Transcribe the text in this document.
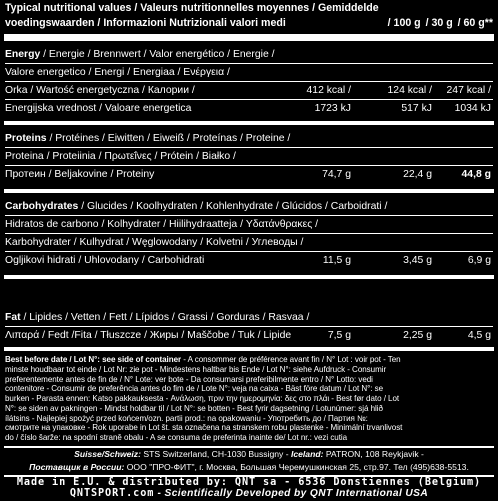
Typical nutritional values / Valeurs nutritionnelles moyennes / Gemiddelde
voedingswaarden / Informazioni Nutrizionali valori medi	/ 100 g / 30 g / 60 g**
Energy / Energie / Brennwert / Valor energético / Energie /
Valore energetico / Energi / Energiaa / Ενέργεια /
Orka / Wartość energetyczna / Калории /	412 kcal /	124 kcal / 247 kcal /
Energijska vrednost / Valoare energetica	1723 kJ	517 kJ 1034 kJ
Proteins / Protéines / Eiwitten / Eiweiß / Proteínas / Proteine /
Proteina / Proteiinia / Πρωτεΐνες / Prótein / Białko /
Протеин / Beljakovine / Proteiny	74,7 g	22,4 g	44,8 g
Carbohydrates / Glucides / Koolhydraten / Kohlenhydrate / Glúcidos / Carboidrati /
Hidratos de carbono / Kolhydrater / Hiilihydraatteja / Υδατάνθρακες /
Karbohydrater / Kulhydrat / Węglowodany / Kolvetni / Углеводы /
Ogljikovi hidrati / Uhlovodany / Carbohidrati	11,5 g	3,45 g	6,9 g
Fat / Lipides / Vetten / Fett / Lípidos / Grassi / Gorduras / Rasvaa /
Λιπαρά / Fedt /Fita / Tłuszcze / Жиры / Maščobe / Tuk / Lipide	7,5 g	2,25 g	4,5 g

Best before date / Lot N°: see side of container - A consommer de préférence avant fin / N° Lot : voir pot - Ten

minste houdbaar tot einde / Lot Nr: zie pot - Mindestens haltbar bis Ende / Lot N°: siehe Aufdruck - Consumir

preferentemente antes de fin de / N° Lote: ver bote - Da consumarsi preferibilmente entro / N° Lotto: vedi

contenitore - Consumir de preferência antes do fim de / Lote N°: veja na caixa - Bäst före datum / Lot N°: se

burken - Parasta ennen: Katso pakkauksesta - Ανάλωση, πριν την ημερομηνία: δες στο πλάι - Best før dato / Lot

N°: se siden av pakningen - Mindst holdbar til / Lot N°: se botten - Best fyrir dagsetning / Lotunúmer: sjá hlið

ílátsins - Najlepiej spożyć przed końcem/ozn. partii prod.: na opakowaniu - Употребить до / Партия №:

смотрите на упаковке - Rok uporabe in Lot št. sta označena na stranskem robu plastenke - Minimální trvanlivost

do / číslo šarže: na spodní straně obalu - A se consuma de preferinta inainte de/ Lot nr.: vezi cutia

Suisse/Schweiz: STS Switzerland, CH-1030 Bussigny - Iceland: PATRON, 108 Reykjavik -
Поставщик в России: ООО "ПРО-ФИТ", г. Москва, Большая Черемушкинская 25, стр.97. Тел (495)638-5513.
Made in E.U. & distributed by: QNT sa - 6536 Donstiennes (Belgium)
QNTSPORT.com - Scientifically Developed by QNT International USA
